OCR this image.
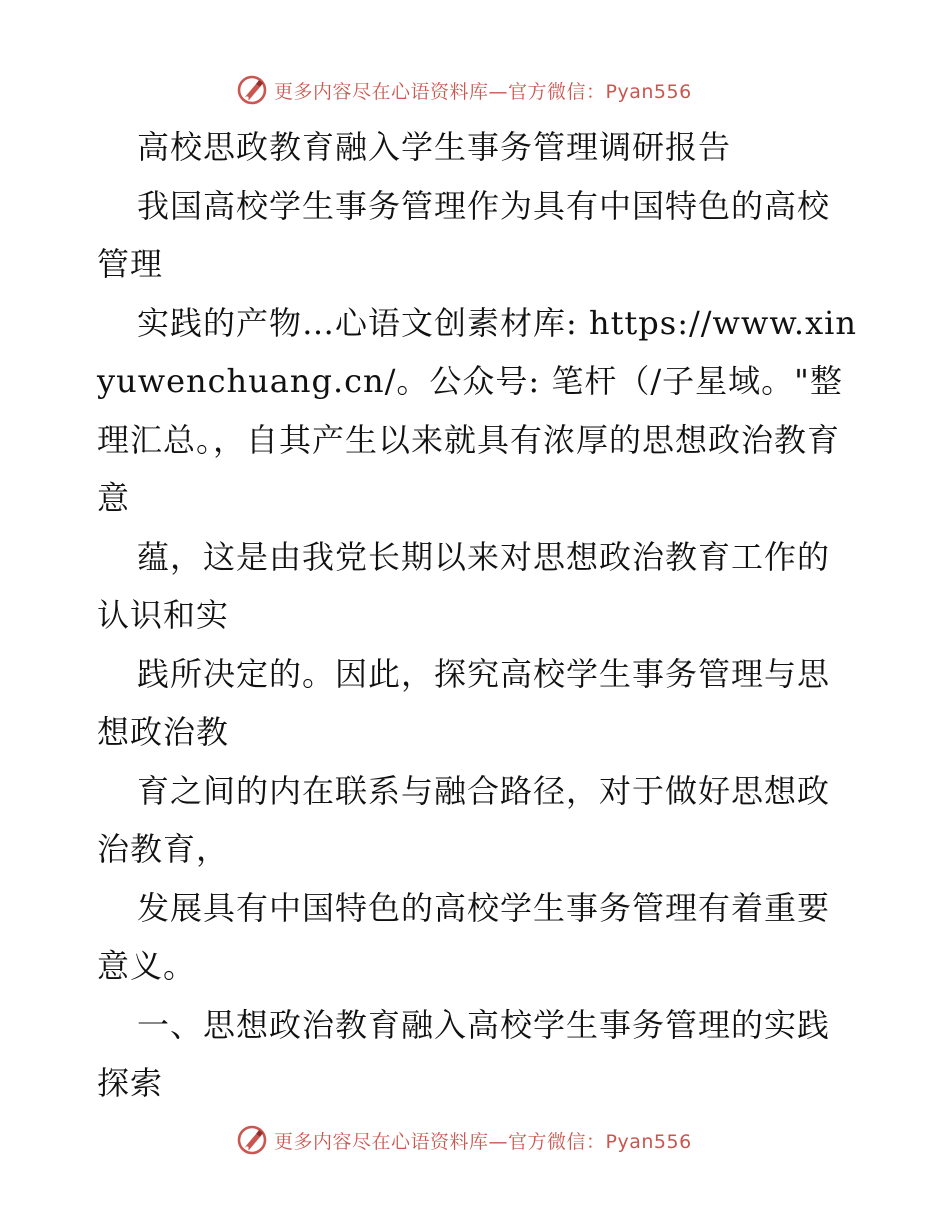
更多内容尽在心语资料库—官方微信：Pyan556

高校思政教育融入学生事务管理调研报告

我国高校学生事务管理作为具有中国特色的高校管理

实践的产物…心语文创素材库: https://www.xinyuwenchuang.cn/。公众号: 笔杆（/子星域。"整理汇总。，自其产生以来就具有浓厚的思想政治教育意

蕴，这是由我党长期以来对思想政治教育工作的认识和实

践所决定的。因此，探究高校学生事务管理与思想政治教

育之间的内在联系与融合路径，对于做好思想政治教育，

发展具有中国特色的高校学生事务管理有着重要意义。

一、思想政治教育融入高校学生事务管理的实践探索

更多内容尽在心语资料库—官方微信：Pyan556
